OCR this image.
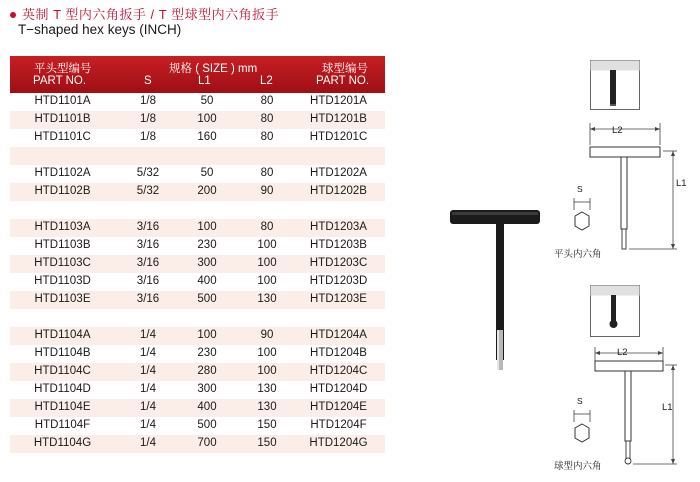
英制 T 型内六角扳手 / T 型球型内六角扳手
T−shaped hex keys (INCH)
平头型编号
PART NO.
规格 ( SIZE ) mm
S	L1	L2
球型编号
PART NO.
HTD1101A	1/8	50	80	HTD1201A
HTD1101B	1/8	100	80	HTD1201B
HTD1101C	1/8	160	80	HTD1201C
HTD1102A	5/32	50	80	HTD1202A
HTD1102B	5/32	200	90	HTD1202B
HTD1103A	3/16	100	80	HTD1203A
HTD1103B	3/16	230	100	HTD1203B
HTD1103C	3/16	300	100	HTD1203C
HTD1103D	3/16	400	100	HTD1203D
HTD1103E	3/16	500	130	HTD1203E
HTD1104A	1/4	100	90	HTD1204A
HTD1104B	1/4	230	100	HTD1204B
HTD1104C	1/4	280	100	HTD1204C
HTD1104D	1/4	300	130	HTD1204D
HTD1104E	1/4	400	130	HTD1204E
HTD1104F	1/4	500	150	HTD1204F
HTD1104G	1/4	700	150	HTD1204G
L2
L1
S
平头内六角
L2
L1
S
球型内六角
